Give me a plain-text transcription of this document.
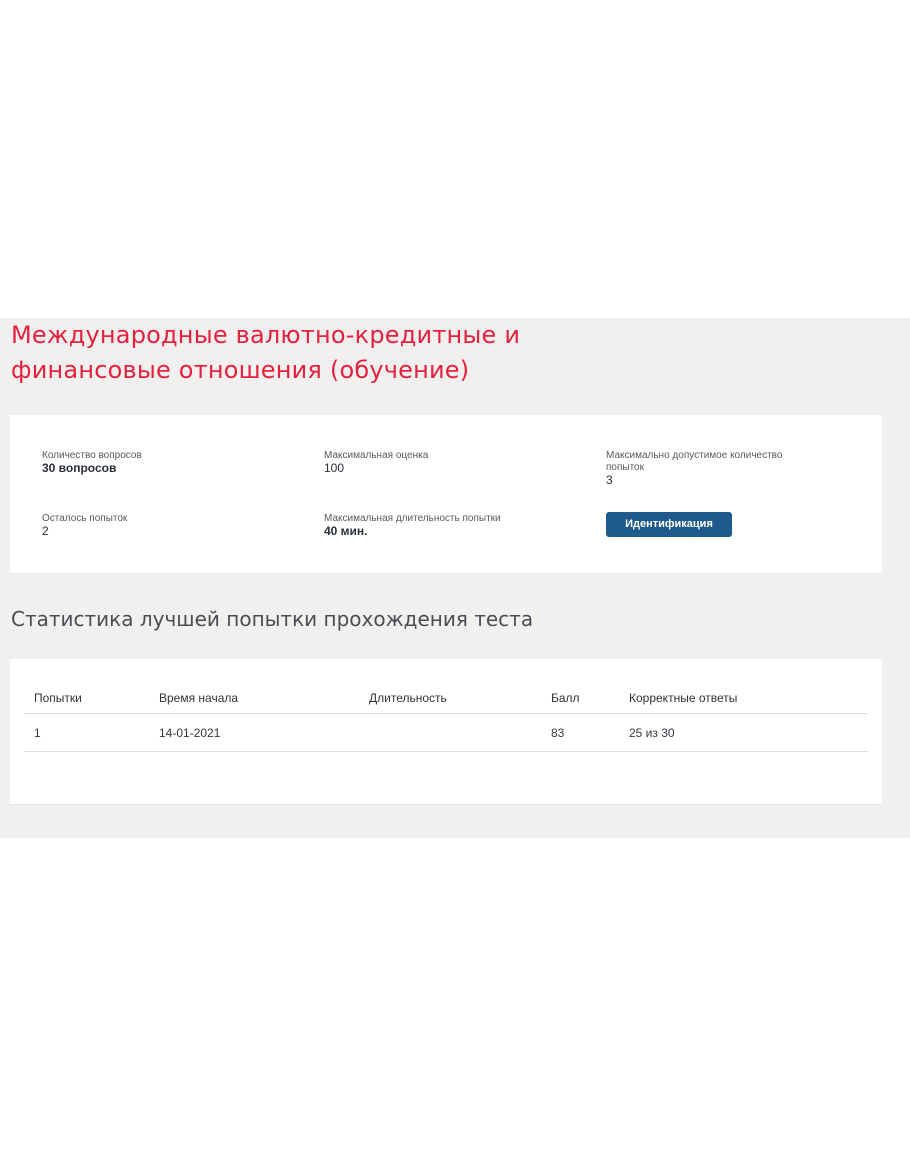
Международные валютно-кредитные и финансовые отношения (обучение)
Количество вопросов
30 вопросов
Максимальная оценка
100
Максимально допустимое количество попыток
3
Осталось попыток
2
Максимальная длительность попытки
40 мин.	Идентификация
Статистика лучшей попытки прохождения теста
Попытки	Время начала	Длительность	Балл	Корректные ответы
1	14-01-2021		83	25 из 30
